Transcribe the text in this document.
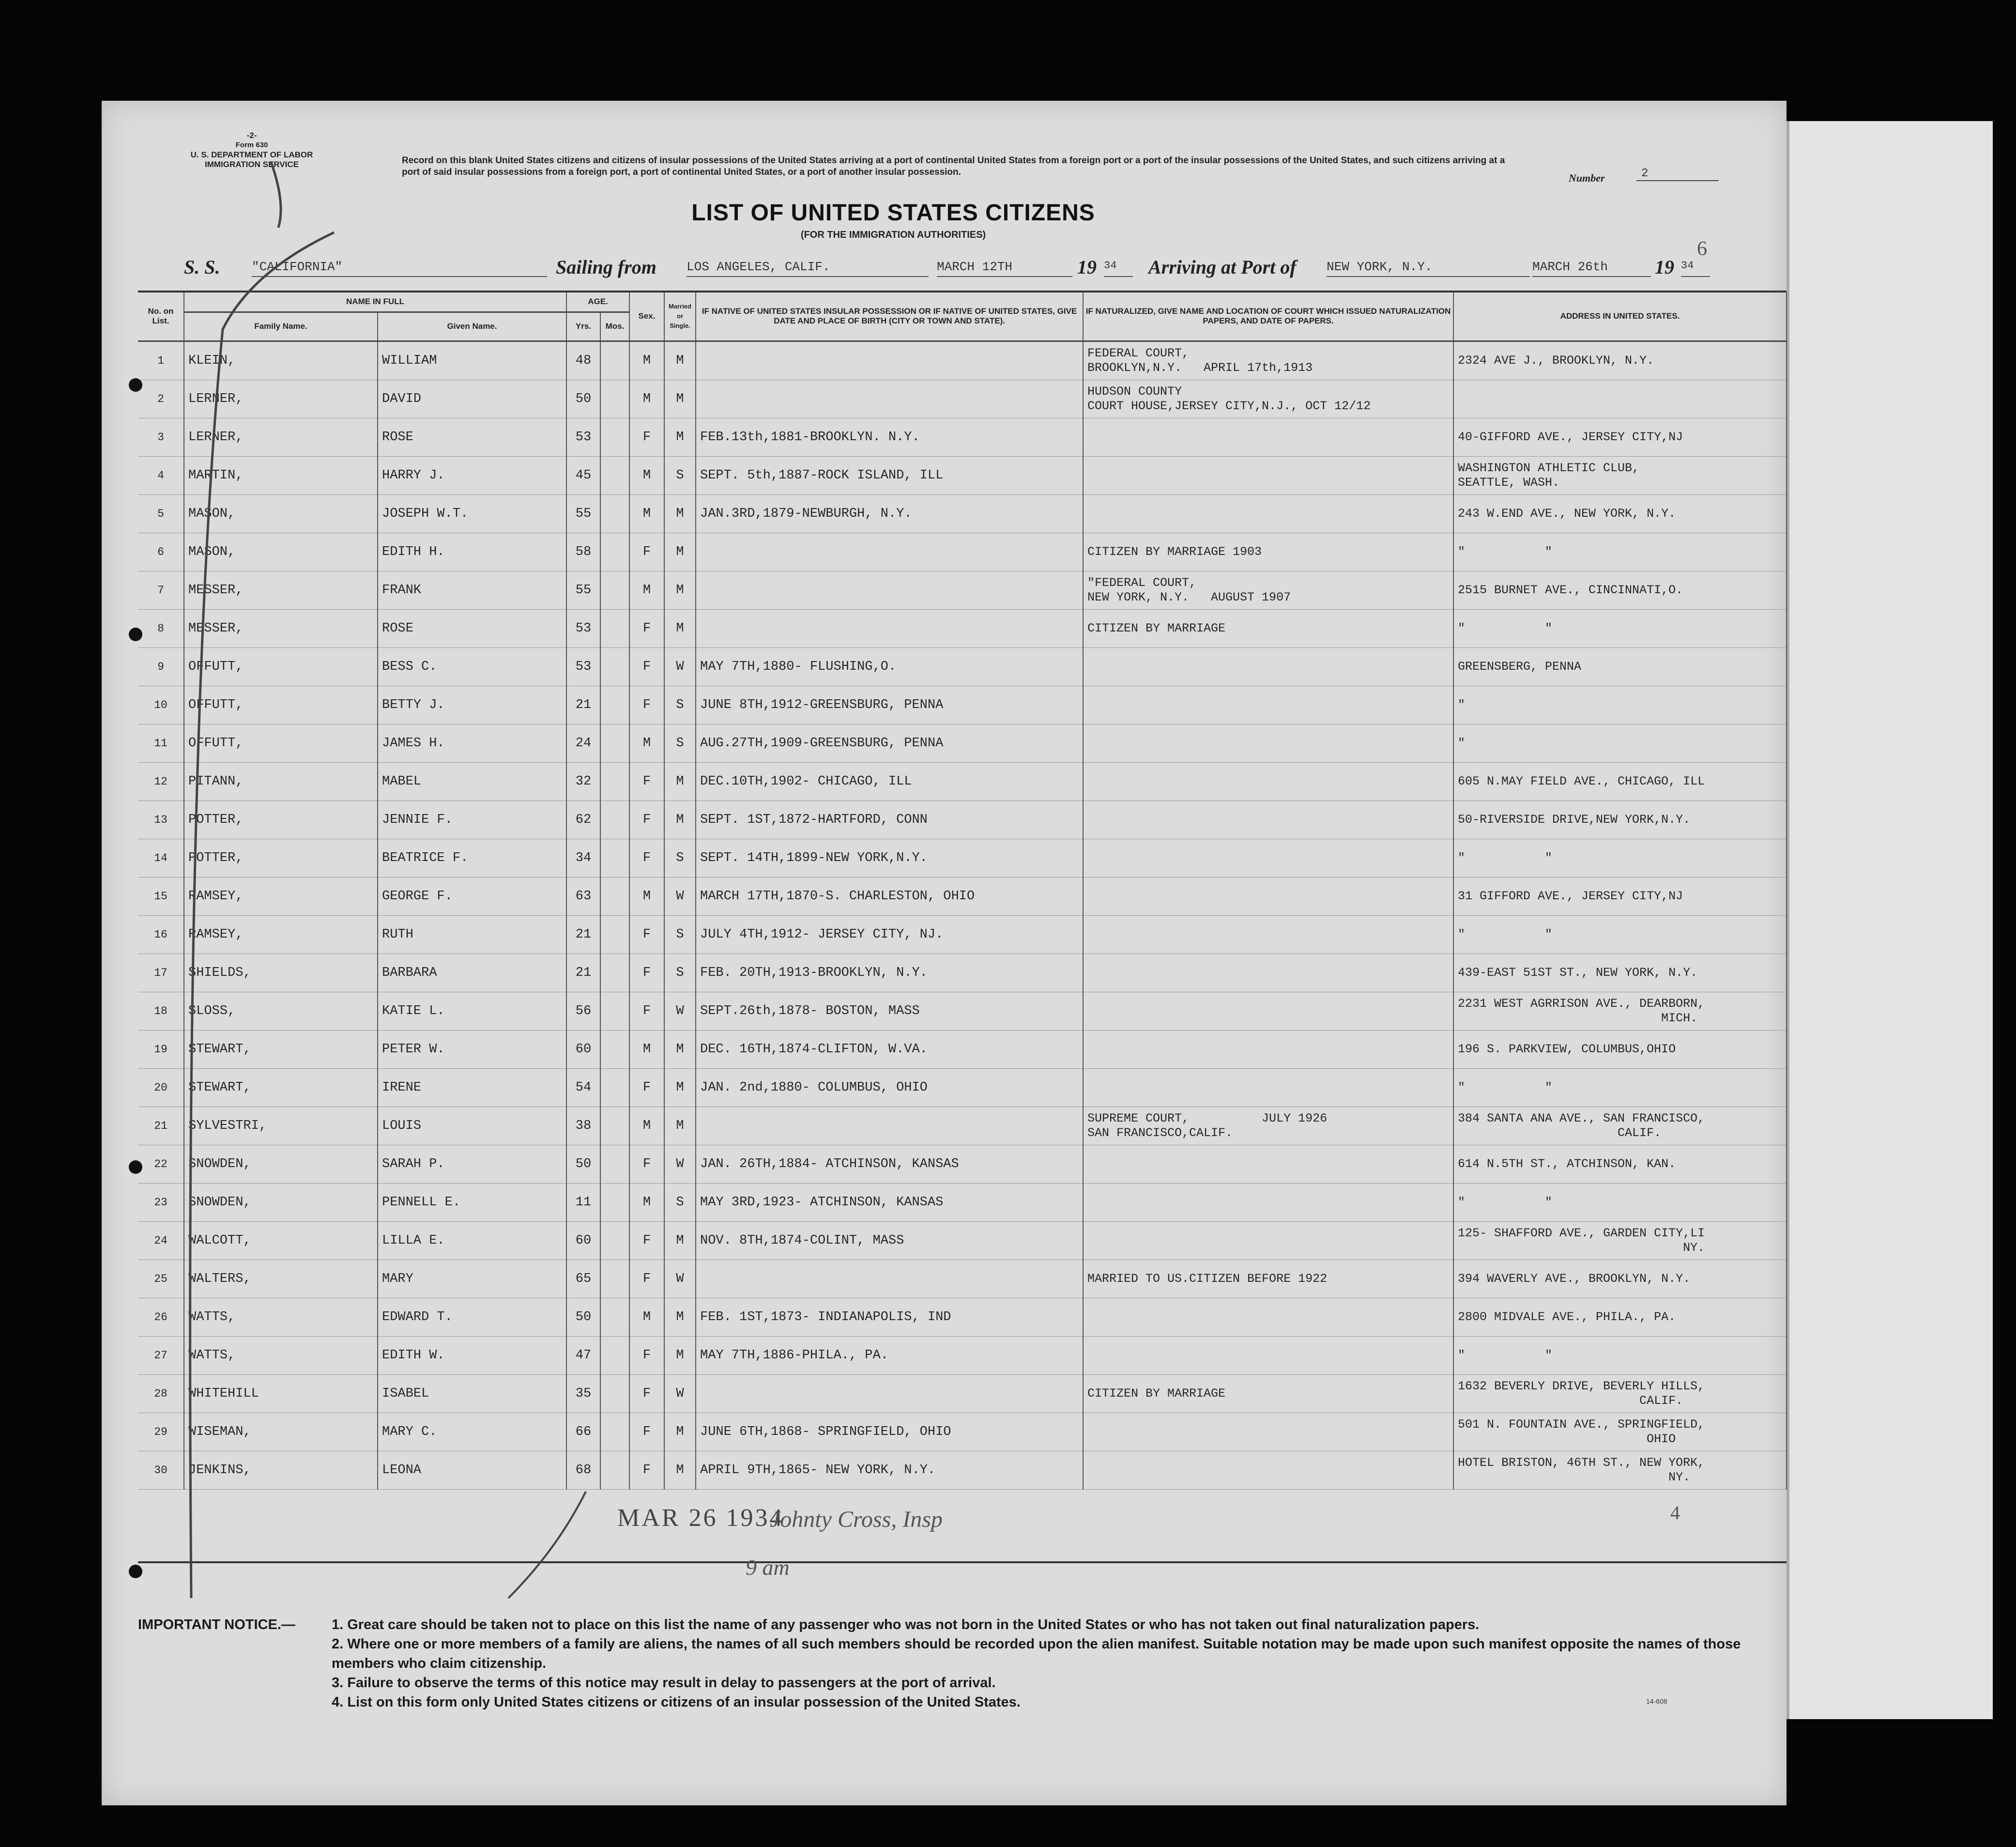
-2-
Form 630
U. S. DEPARTMENT OF LABOR
IMMIGRATION SERVICE	Record on this blank United States citizens and citizens of insular possessions of the United States arriving at a port of continental United States from a foreign port or a port of the insular possessions of the United States, and such citizens arriving at a port of said insular possessions from a foreign port, a port of continental United States, or a port of another insular possession.	Number	2
LIST OF UNITED STATES CITIZENS
(FOR THE IMMIGRATION AUTHORITIES)
6
S. S.	"CALIFORNIA"	Sailing from LOS ANGELES, CALIF.	MARCH 12TH	19 34	Arriving at Port of NEW YORK, N.Y.	MARCH 26th	19 34
No. on List.	NAME IN FULL		AGE.		Sex.	Married or Single.	IF NATIVE OF UNITED STATES INSULAR POSSESSION OR IF NATIVE OF UNITED STATES, GIVE DATE AND PLACE OF BIRTH (CITY OR TOWN AND STATE).	IF NATURALIZED, GIVE NAME AND LOCATION OF COURT WHICH ISSUED NATURALIZATION PAPERS, AND DATE OF PAPERS.	ADDRESS IN UNITED STATES.
	Family Name.	Given Name.	Yrs.	Mos.					
1	KLEIN,	WILLIAM	48		M	M		FEDERAL COURT,
BROOKLYN,N.Y.   APRIL 17th,1913	2324 AVE J., BROOKLYN, N.Y.
2	LERNER,	DAVID	50		M	M		HUDSON COUNTY
COURT HOUSE,JERSEY CITY,N.J., OCT 12/12	
3	LERNER,	ROSE	53		F	M	FEB.13th,1881-BROOKLYN. N.Y.		40-GIFFORD AVE., JERSEY CITY,NJ
4	MARTIN,	HARRY J.	45		M	S	SEPT. 5th,1887-ROCK ISLAND, ILL		WASHINGTON ATHLETIC CLUB,
SEATTLE, WASH.
5	MASON,	JOSEPH W.T.	55		M	M	JAN.3RD,1879-NEWBURGH, N.Y.		243 W.END AVE., NEW YORK, N.Y.
6	MASON,	EDITH H.	58		F	M		CITIZEN BY MARRIAGE 1903	"           "
7	MESSER,	FRANK	55		M	M		"FEDERAL COURT,
NEW YORK, N.Y.   AUGUST 1907	2515 BURNET AVE., CINCINNATI,O.
8	MESSER,	ROSE	53		F	M		CITIZEN BY MARRIAGE	"           "
9	OFFUTT,	BESS C.	53		F	W	MAY 7TH,1880- FLUSHING,O.		GREENSBERG, PENNA
10	OFFUTT,	BETTY J.	21		F	S	JUNE 8TH,1912-GREENSBURG, PENNA		"
11	OFFUTT,	JAMES H.	24		M	S	AUG.27TH,1909-GREENSBURG, PENNA		"
12	PITANN,	MABEL	32		F	M	DEC.10TH,1902- CHICAGO, ILL		605 N.MAY FIELD AVE., CHICAGO, ILL
13	POTTER,	JENNIE F.	62		F	M	SEPT. 1ST,1872-HARTFORD, CONN		50-RIVERSIDE DRIVE,NEW YORK,N.Y.
14	POTTER,	BEATRICE F.	34		F	S	SEPT. 14TH,1899-NEW YORK,N.Y.		"           "
15	RAMSEY,	GEORGE F.	63		M	W	MARCH 17TH,1870-S. CHARLESTON, OHIO		31 GIFFORD AVE., JERSEY CITY,NJ
16	RAMSEY,	RUTH	21		F	S	JULY 4TH,1912- JERSEY CITY, NJ.		"           "
17	SHIELDS,	BARBARA	21		F	S	FEB. 20TH,1913-BROOKLYN, N.Y.		439-EAST 51ST ST., NEW YORK, N.Y.
18	SLOSS,	KATIE L.	56		F	W	SEPT.26th,1878- BOSTON, MASS		2231 WEST AGRRISON AVE., DEARBORN,
MICH.
19	STEWART,	PETER W.	60		M	M	DEC. 16TH,1874-CLIFTON, W.VA.		196 S. PARKVIEW, COLUMBUS,OHIO
20	STEWART,	IRENE	54		F	M	JAN. 2nd,1880- COLUMBUS, OHIO		"           "
21	SYLVESTRI,	LOUIS	38		M	M		SUPREME COURT,          JULY 1926
SAN FRANCISCO,CALIF.	384 SANTA ANA AVE., SAN FRANCISCO,
CALIF.
22	SNOWDEN,	SARAH P.	50		F	W	JAN. 26TH,1884- ATCHINSON, KANSAS		614 N.5TH ST., ATCHINSON, KAN.
23	SNOWDEN,	PENNELL E.	11		M	S	MAY 3RD,1923- ATCHINSON, KANSAS		"           "
24	WALCOTT,	LILLA E.	60		F	M	NOV. 8TH,1874-COLINT, MASS		125- SHAFFORD AVE., GARDEN CITY,LI
NY.
25	WALTERS,	MARY	65		F	W		MARRIED TO US.CITIZEN BEFORE 1922	394 WAVERLY AVE., BROOKLYN, N.Y.
26	WATTS,	EDWARD T.	50		M	M	FEB. 1ST,1873- INDIANAPOLIS, IND		2800 MIDVALE AVE., PHILA., PA.
27	WATTS,	EDITH W.	47		F	M	MAY 7TH,1886-PHILA., PA.		"           "
28	WHITEHILL	ISABEL	35		F	W		CITIZEN BY MARRIAGE	1632 BEVERLY DRIVE, BEVERLY HILLS,
CALIF.
29	WISEMAN,	MARY C.	66		F	M	JUNE 6TH,1868- SPRINGFIELD, OHIO		501 N. FOUNTAIN AVE., SPRINGFIELD,
OHIO
30	JENKINS,	LEONA	68		F	M	APRIL 9TH,1865- NEW YORK, N.Y.		HOTEL BRISTON, 46TH ST., NEW YORK,
NY.
MAR 26 1934
Johnty Cross, Insp
9 am
4
IMPORTANT NOTICE.—	1. Great care should be taken not to place on this list the name of any passenger who was not born in the United States or who has not taken out final naturalization papers.
2. Where one or more members of a family are aliens, the names of all such members should be recorded upon the alien manifest. Suitable notation may be made upon such manifest opposite the names of those members who claim citizenship.
3. Failure to observe the terms of this notice may result in delay to passengers at the port of arrival.
4. List on this form only United States citizens or citizens of an insular possession of the United States.	14-608
